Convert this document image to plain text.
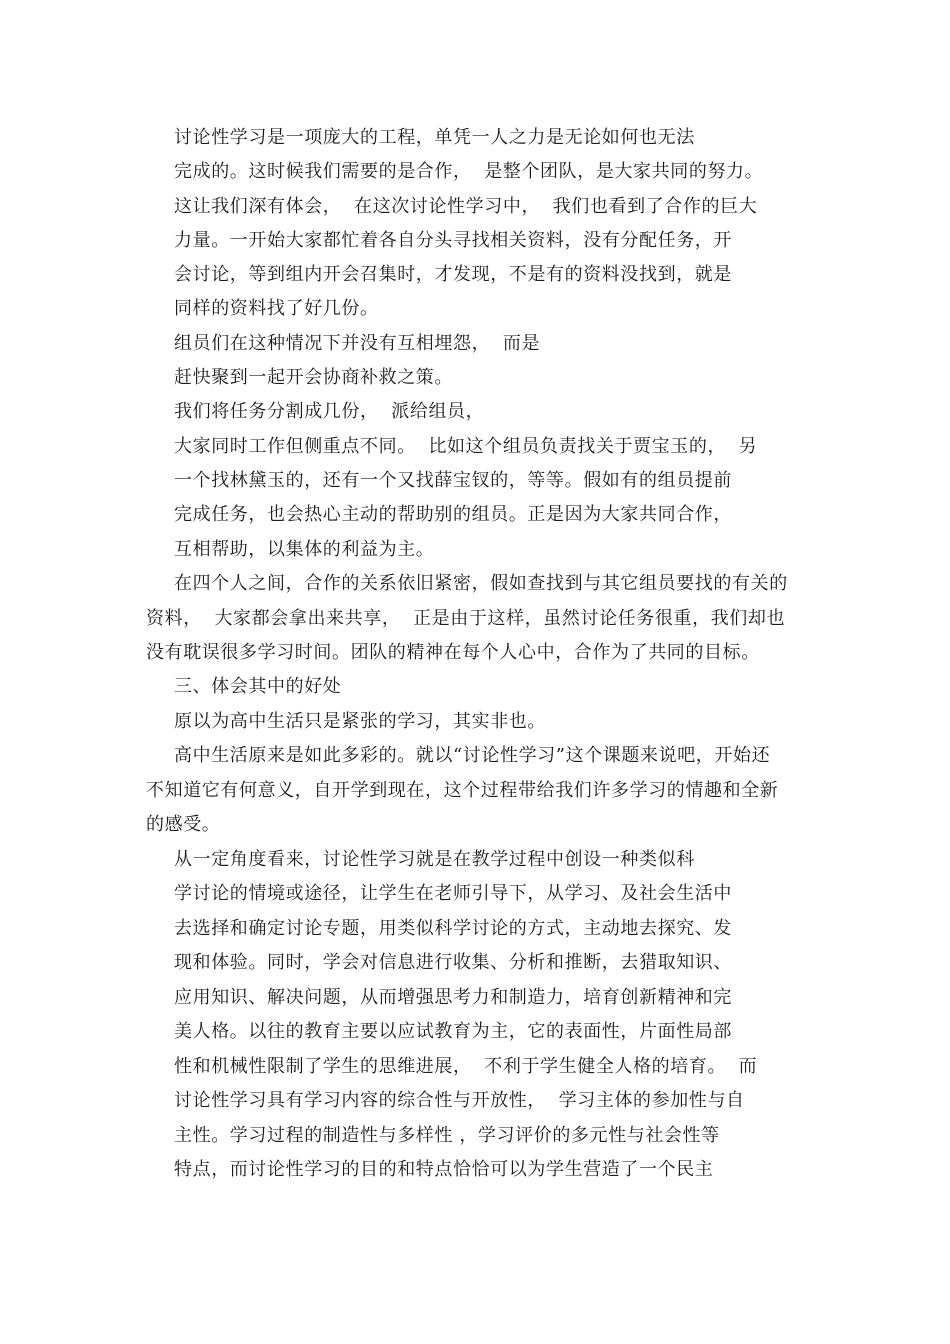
讨论性学习是一项庞大的工程，单凭一人之力是无论如何也无法
完成的。这时候我们需要的是合作，  是整个团队，是大家共同的努力。
这让我们深有体会，  在这次讨论性学习中，  我们也看到了合作的巨大
力量。一开始大家都忙着各自分头寻找相关资料，没有分配任务，开
会讨论，等到组内开会召集时，才发现，不是有的资料没找到，就是
同样的资料找了好几份。
组员们在这种情况下并没有互相埋怨，  而是
赶快聚到一起开会协商补救之策。
我们将任务分割成几份，  派给组员，
大家同时工作但侧重点不同。  比如这个组员负责找关于贾宝玉的，  另
一个找林黛玉的，还有一个又找薛宝钗的，等等。假如有的组员提前
完成任务，也会热心主动的帮助别的组员。正是因为大家共同合作，
互相帮助，以集体的利益为主。
在四个人之间，合作的关系依旧紧密，假如查找到与其它组员要找的有关的
资料，  大家都会拿出来共享，  正是由于这样，虽然讨论任务很重，我们却也
没有耽误很多学习时间。团队的精神在每个人心中，合作为了共同的目标。
三、体会其中的好处
原以为高中生活只是紧张的学习，其实非也。
高中生活原来是如此多彩的。就以“讨论性学习”这个课题来说吧，开始还
不知道它有何意义，自开学到现在，这个过程带给我们许多学习的情趣和全新
的感受。
从一定角度看来，讨论性学习就是在教学过程中创设一种类似科
学讨论的情境或途径，让学生在老师引导下，从学习、及社会生活中
去选择和确定讨论专题，用类似科学讨论的方式，主动地去探究、发
现和体验。同时，学会对信息进行收集、分析和推断，去猎取知识、
应用知识、解决问题，从而增强思考力和制造力，培育创新精神和完
美人格。以往的教育主要以应试教育为主，它的表面性，片面性局部
性和机械性限制了学生的思维进展，  不利于学生健全人格的培育。  而
讨论性学习具有学习内容的综合性与开放性，  学习主体的参加性与自
主性。学习过程的制造性与多样性 ，学习评价的多元性与社会性等
特点，而讨论性学习的目的和特点恰恰可以为学生营造了一个民主
